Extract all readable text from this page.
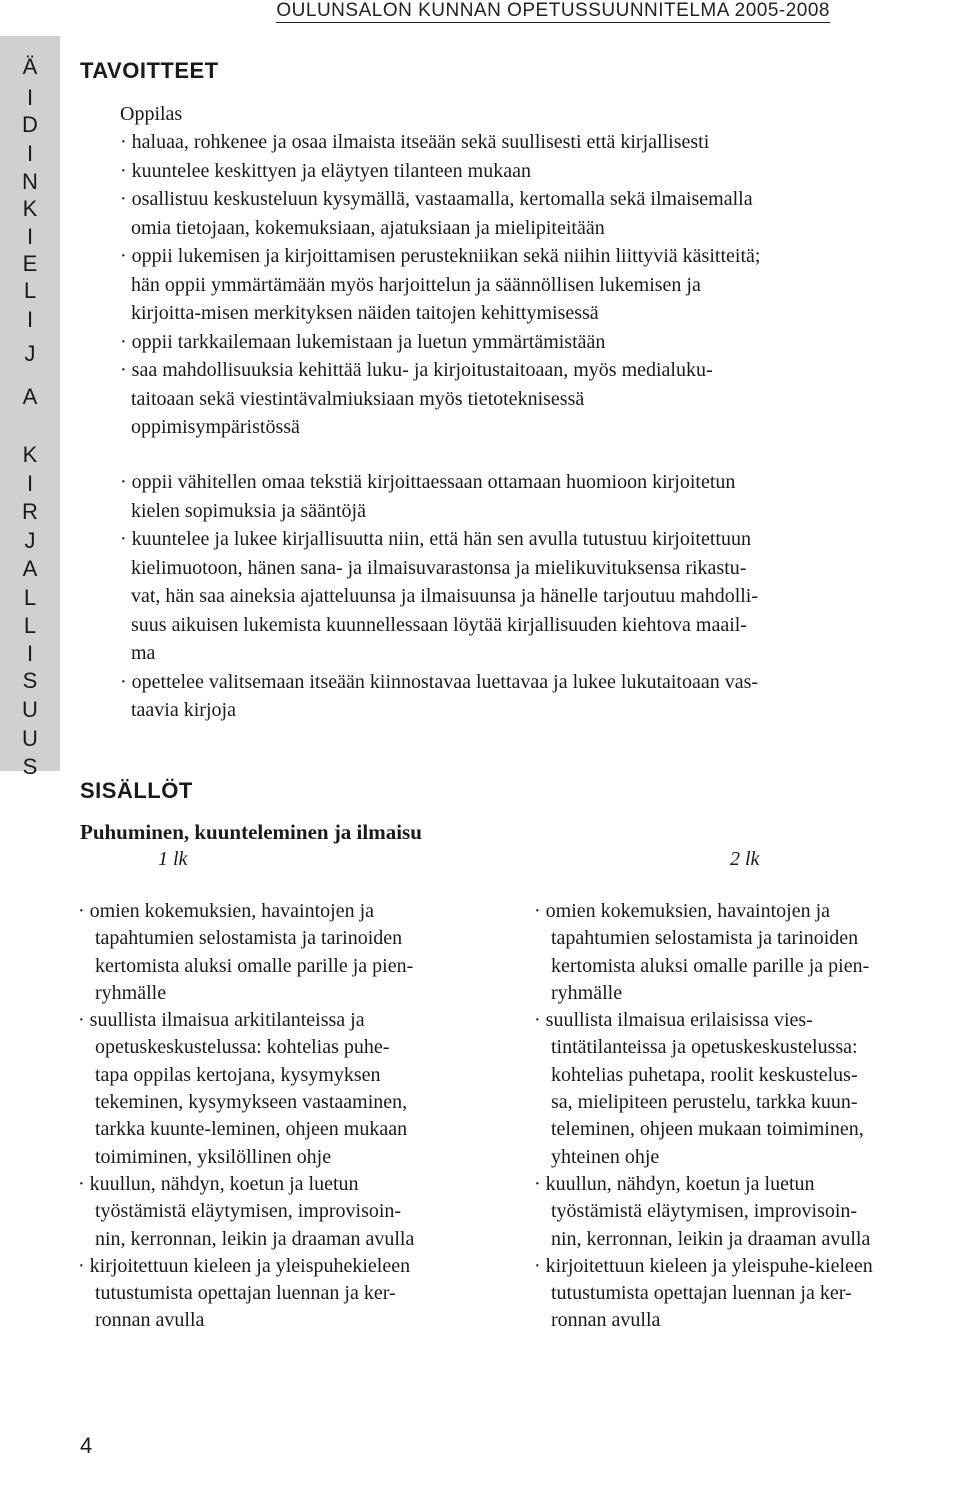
OULUNSALON KUNNAN OPETUSSUUNNITELMA 2005-2008
Ä
I
D
I
N
K
I
E
L
I
J
A
K
I
R
J
A
L
L
I
S
U
U
S
TAVOITTEET
Oppilas
· haluaa, rohkenee ja osaa ilmaista itseään sekä suullisesti että kirjallisesti
· kuuntelee keskittyen ja eläytyen tilanteen mukaan
· osallistuu keskusteluun kysymällä, vastaamalla, kertomalla sekä ilmaisemalla
omia tietojaan, kokemuksiaan, ajatuksiaan ja mielipiteitään
· oppii lukemisen ja kirjoittamisen perustekniikan sekä niihin liittyviä käsitteitä;
hän oppii ymmärtämään myös harjoittelun ja säännöllisen lukemisen ja
kirjoitta-misen merkityksen näiden taitojen kehittymisessä
· oppii tarkkailemaan lukemistaan ja luetun ymmärtämistään
· saa mahdollisuuksia kehittää luku- ja kirjoitustaitoaan, myös medialuku-
taitoaan sekä viestintävalmiuksiaan myös tietoteknisessä
oppimisympäristössä
· oppii vähitellen omaa tekstiä kirjoittaessaan ottamaan huomioon kirjoitetun
kielen sopimuksia ja sääntöjä
· kuuntelee ja lukee kirjallisuutta niin, että hän sen avulla tutustuu kirjoitettuun
kielimuotoon, hänen sana- ja ilmaisuvarastonsa ja mielikuvituksensa rikastu-
vat, hän saa aineksia ajatteluunsa ja ilmaisuunsa ja hänelle tarjoutuu mahdolli-
suus aikuisen lukemista kuunnellessaan löytää kirjallisuuden kiehtova maail-
ma
· opettelee valitsemaan itseään kiinnostavaa luettavaa ja lukee lukutaitoaan vas-
taavia kirjoja
SISÄLLÖT
Puhuminen, kuunteleminen ja ilmaisu
1 lk	2 lk
· omien kokemuksien, havaintojen ja
tapahtumien selostamista ja tarinoiden
kertomista aluksi omalle parille ja pien-
ryhmälle
· suullista ilmaisua arkitilanteissa ja
opetuskeskustelussa: kohtelias puhe-
tapa oppilas kertojana, kysymyksen
tekeminen, kysymykseen vastaaminen,
tarkka kuunte-leminen, ohjeen mukaan
toimiminen, yksilöllinen ohje
· kuullun, nähdyn, koetun ja luetun
työstämistä eläytymisen, improvisoin-
nin, kerronnan, leikin ja draaman avulla
· kirjoitettuun kieleen ja yleispuhekieleen
tutustumista opettajan luennan ja ker-
ronnan avulla
· omien kokemuksien, havaintojen ja
tapahtumien selostamista ja tarinoiden
kertomista aluksi omalle parille ja pien-
ryhmälle
· suullista ilmaisua erilaisissa vies-
tintätilanteissa ja opetuskeskustelussa:
kohtelias puhetapa, roolit keskustelus-
sa, mielipiteen perustelu, tarkka kuun-
teleminen, ohjeen mukaan toimiminen,
yhteinen ohje
· kuullun, nähdyn, koetun ja luetun
työstämistä eläytymisen, improvisoin-
nin, kerronnan, leikin ja draaman avulla
· kirjoitettuun kieleen ja yleispuhe-kieleen
tutustumista opettajan luennan ja ker-
ronnan avulla
4
